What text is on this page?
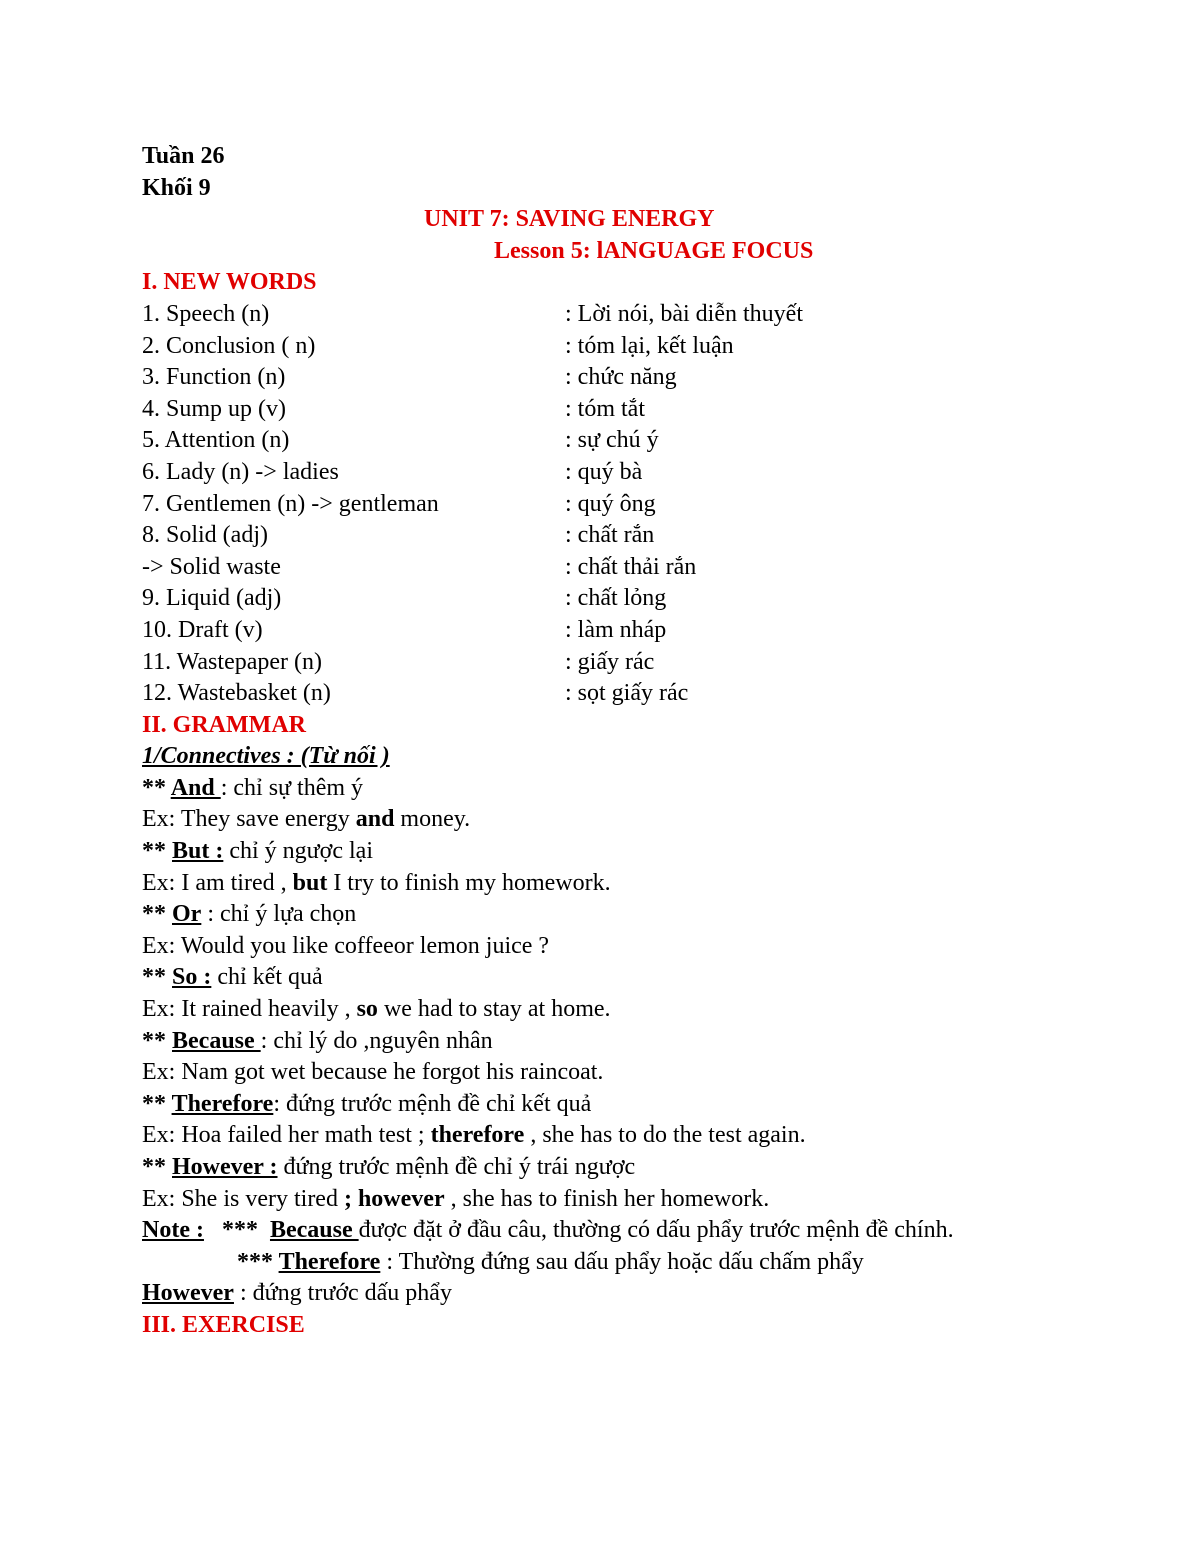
Tuần 26
Khối 9
UNIT 7: SAVING ENERGY
Lesson 5: lANGUAGE FOCUS
I. NEW WORDS
1. Speech (n)	: Lời nói, bài diễn thuyết
2. Conclusion ( n)	: tóm lại, kết luận
3. Function (n)	: chức năng
4. Sump up (v)	: tóm tắt
5. Attention (n)	: sự chú ý
6. Lady (n) -> ladies	: quý bà
7. Gentlemen (n) -> gentleman	: quý ông
8. Solid (adj)	: chất rắn
-> Solid waste	: chất thải rắn
9. Liquid (adj)	: chất lỏng
10. Draft (v)	: làm nháp
11. Wastepaper (n)	: giấy rác
12. Wastebasket (n)	: sọt giấy rác
II. GRAMMAR
1/Connectives : (Từ nối )
** And : chỉ sự thêm ý
Ex: They save energy and money.
** But : chỉ ý ngược lại
Ex: I am tired , but I try to finish my homework.
** Or : chỉ ý lựa chọn
Ex: Would you like coffeeor lemon juice ?
** So : chỉ kết quả
Ex: It rained heavily , so we had to stay at home.
** Because : chỉ lý do ,nguyên nhân
Ex: Nam got wet because he forgot his raincoat.
** Therefore: đứng trước mệnh đề chỉ kết quả
Ex: Hoa failed her math test ; therefore , she has to do the test again.
** However : đứng trước mệnh đề chỉ ý trái ngược
Ex: She is very tired ; however , she has to finish her homework.
Note :   ***  Because được đặt ở đầu câu, thường có dấu phẩy trước mệnh đề chính.
*** Therefore : Thường đứng sau dấu phẩy hoặc dấu chấm phẩy
However : đứng trước dấu phẩy
III. EXERCISE
